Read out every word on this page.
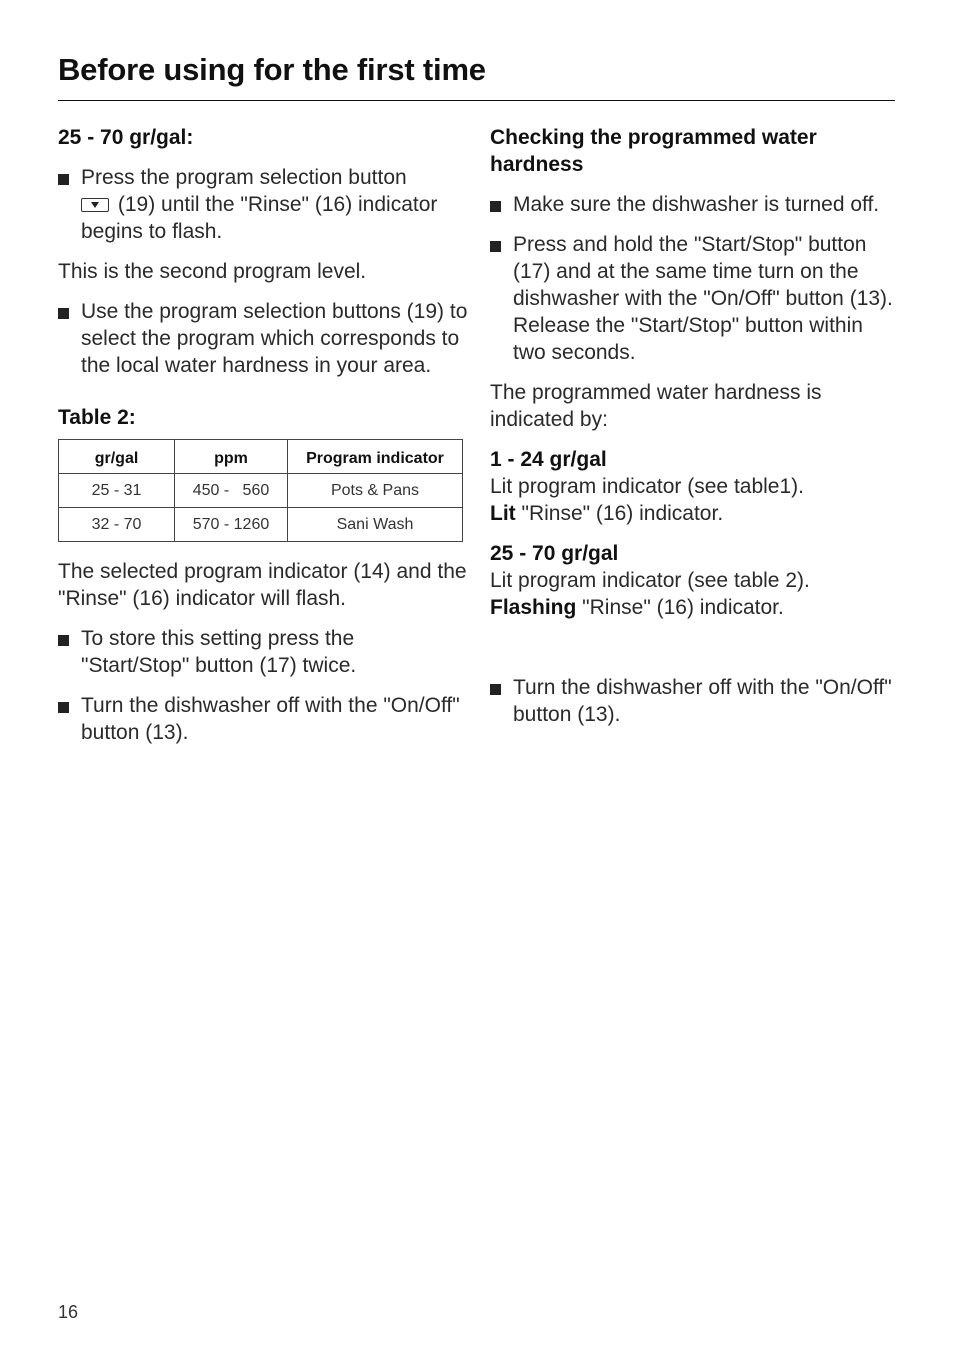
Before using for the first time
25 - 70 gr/gal:
Press the program selection button
(19) until the "Rinse" (16) indicator begins to flash.
This is the second program level.
Use the program selection buttons (19) to select the program which corresponds to the local water hardness in your area.
Table 2:
gr/gal	ppm	Program indicator
25 - 31	450 -   560	Pots & Pans
32 - 70	570 - 1260	Sani Wash
The selected program indicator (14) and the "Rinse" (16) indicator will flash.
To store this setting press the "Start/Stop" button (17) twice.
Turn the dishwasher off with the "On/Off" button (13).
Checking the programmed water hardness
Make sure the dishwasher is turned off.
Press and hold the "Start/Stop" button (17) and at the same time turn on the dishwasher with the "On/Off" button (13). Release the "Start/Stop" button within two seconds.
The programmed water hardness is indicated by:
1 - 24 gr/gal
Lit program indicator (see table1).
Lit "Rinse" (16) indicator.
25 - 70 gr/gal
Lit program indicator (see table 2).
Flashing "Rinse" (16) indicator.
Turn the dishwasher off with the "On/Off" button (13).
16
